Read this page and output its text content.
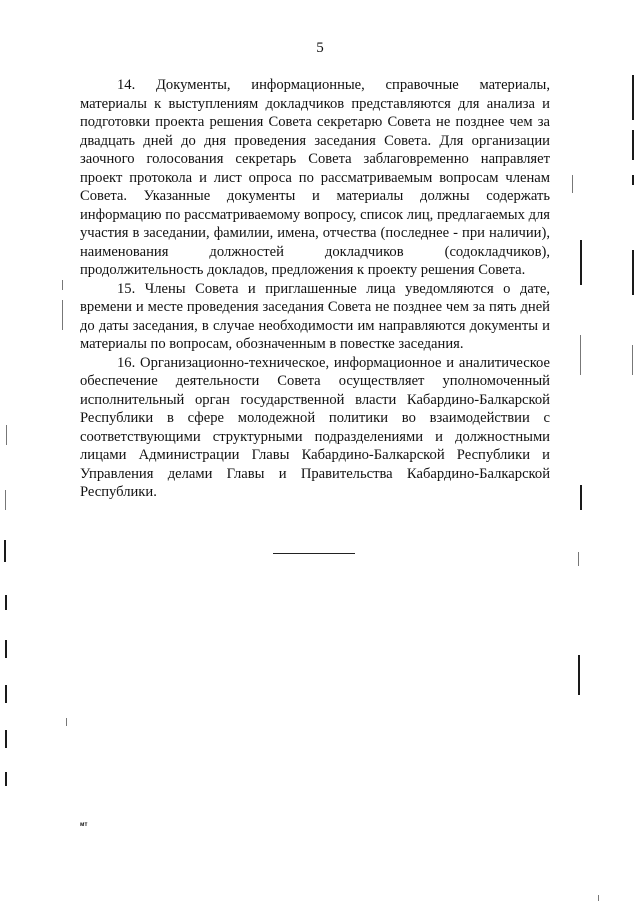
5

14. Документы, информационные, справочные материалы, материалы к выступлениям докладчиков представляются для анализа и подготовки проекта решения Совета секретарю Совета не позднее чем за двадцать дней до дня проведения заседания Совета. Для организации заочного голосования секретарь Совета заблаговременно направляет проект протокола и лист опроса по рассматриваемым вопросам членам Совета. Указанные документы и материалы должны содержать информацию по рассматриваемому вопросу, список лиц, предлагаемых для участия в заседании, фамилии, имена, отчества (последнее - при наличии), наименования должностей докладчиков (содокладчиков), продолжительность докладов, предложения к проекту решения Совета.

15. Члены Совета и приглашенные лица уведомляются о дате, времени и месте проведения заседания Совета не позднее чем за пять дней до даты заседания, в случае необходимости им направляются документы и материалы по вопросам, обозначенным в повестке заседания.

16. Организационно-техническое, информационное и аналитическое обеспечение деятельности Совета осуществляет уполномоченный исполнительный орган государственной власти Кабардино-Балкарской Республики в сфере молодежной политики во взаимодействии с соответствующими структурными подразделениями и должностными лицами Администрации Главы Кабардино-Балкарской Республики и Управления делами Главы и Правительства Кабардино-Балкарской Республики.

мт
